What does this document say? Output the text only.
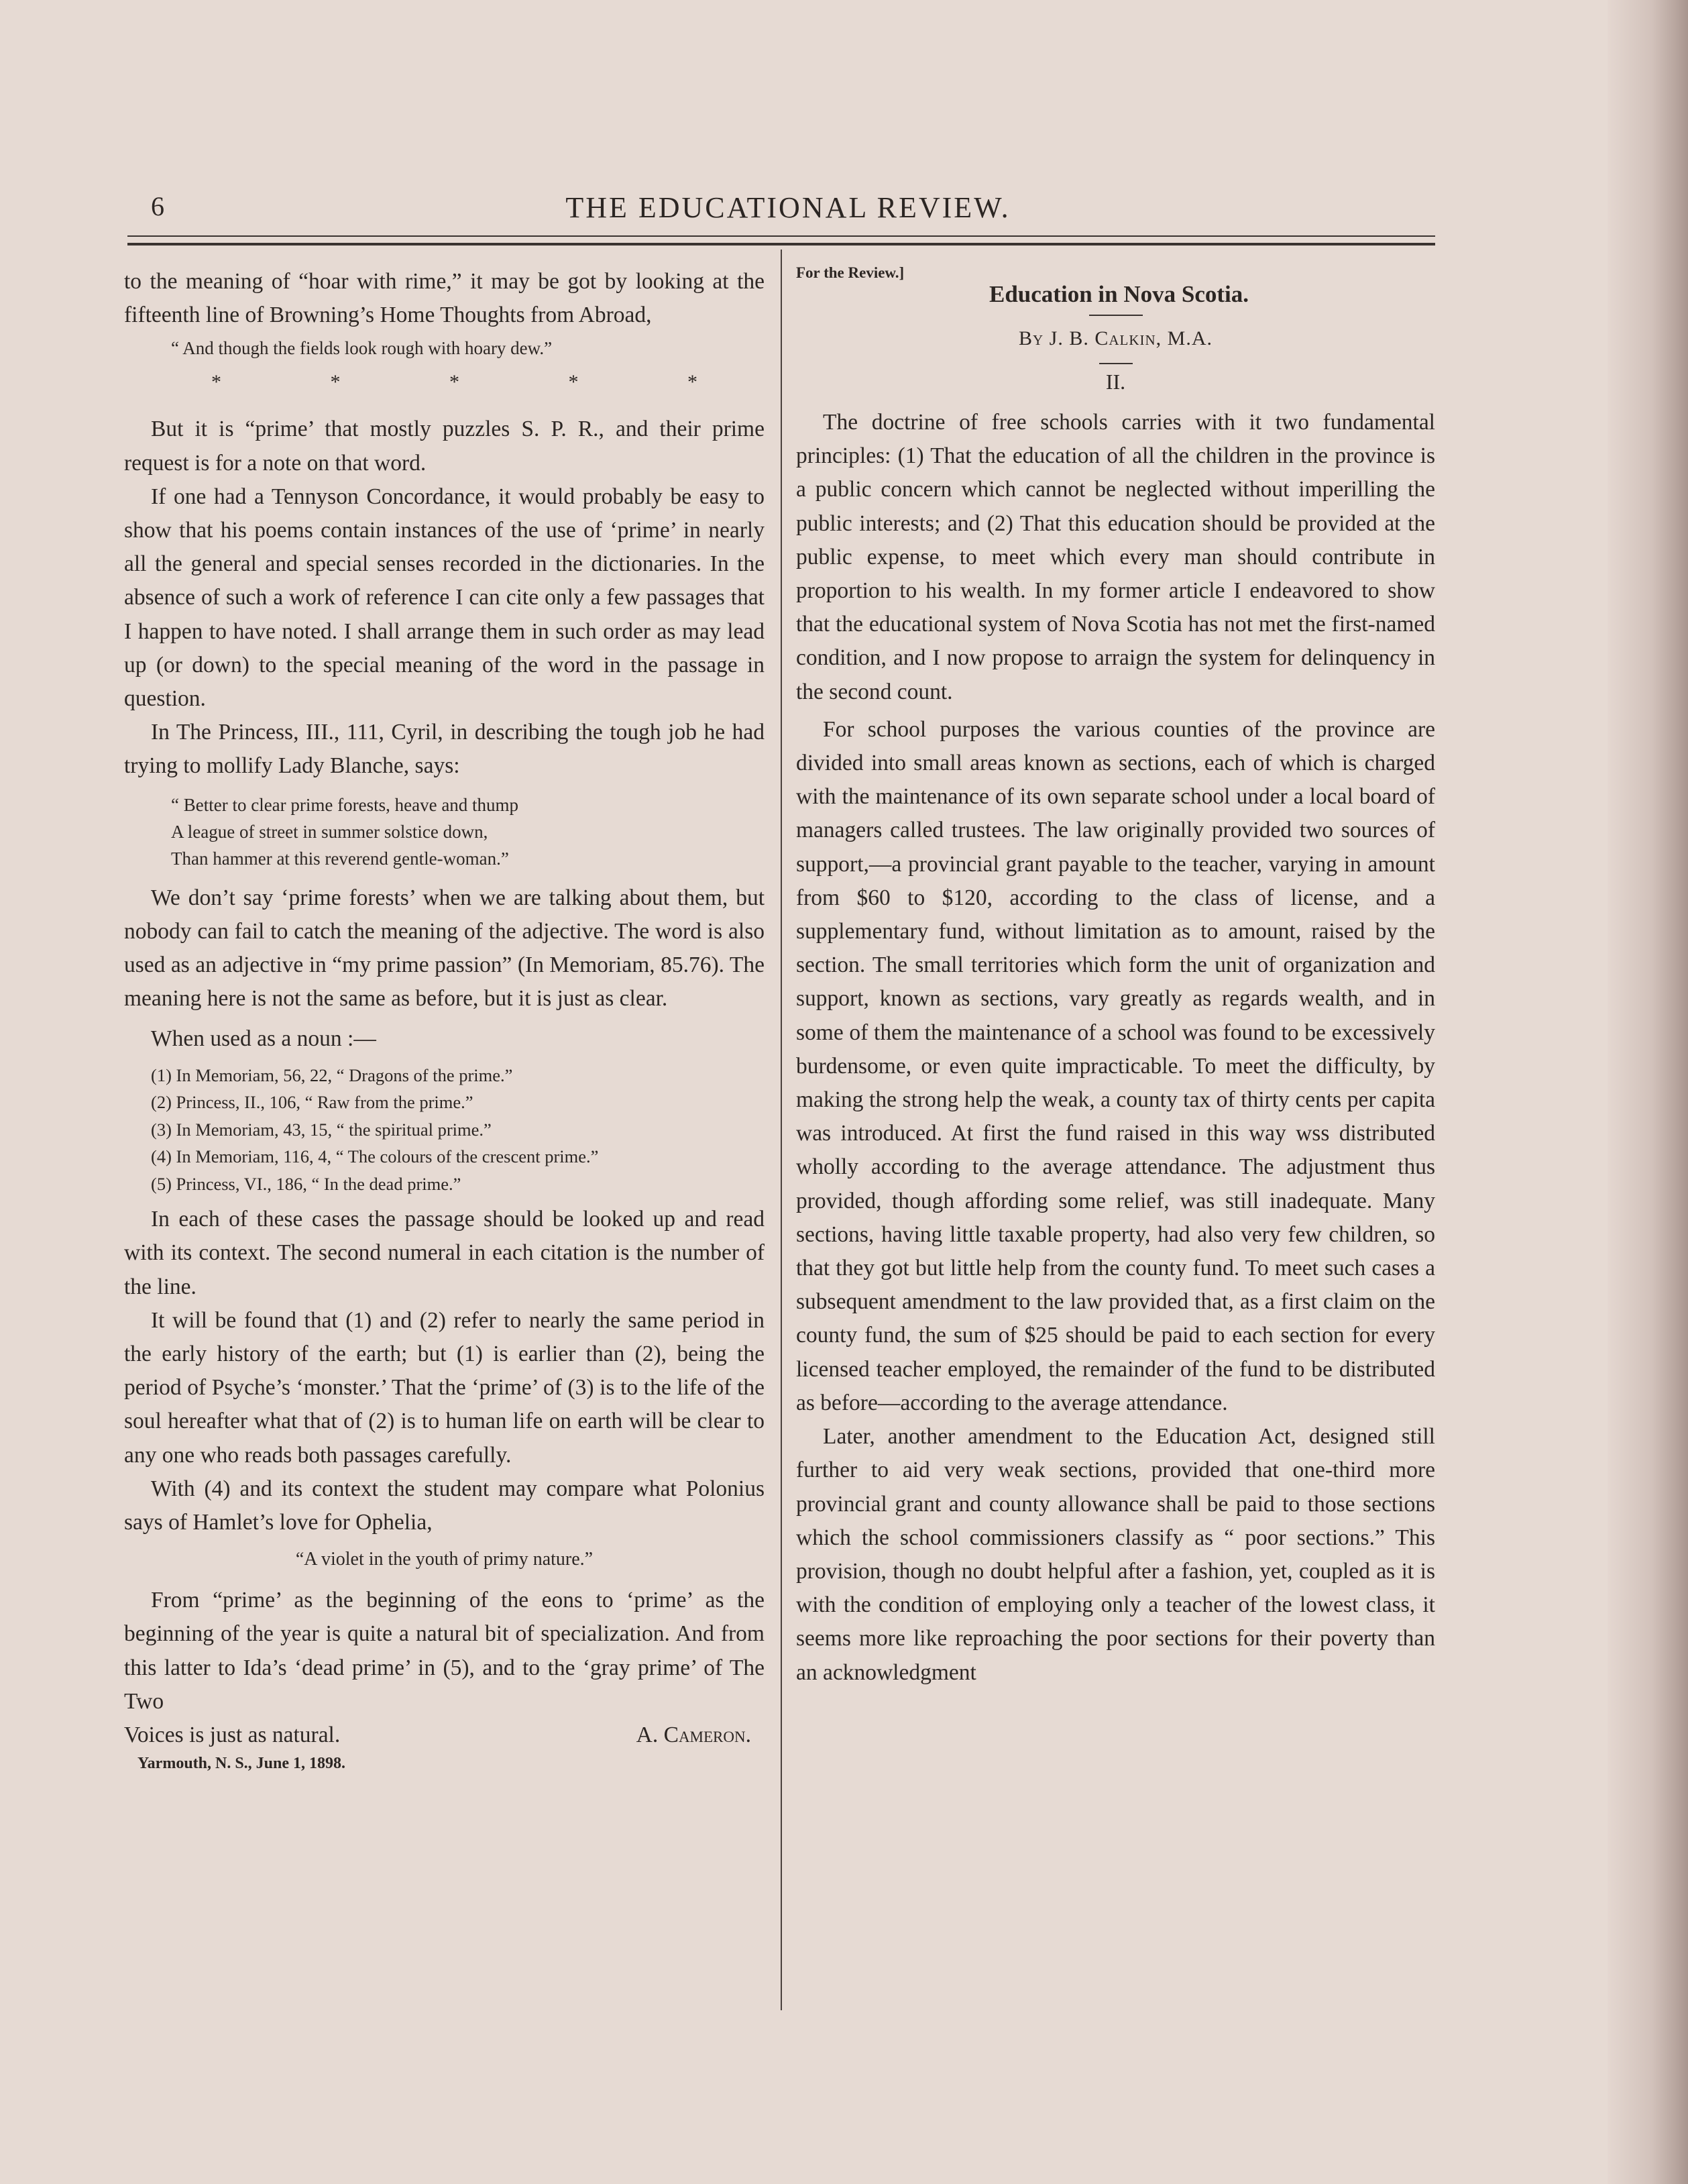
6	THE EDUCATIONAL REVIEW.

to the meaning of “hoar with rime,” it may be got by looking at the fifteenth line of Browning’s Home Thoughts from Abroad,

“ And though the fields look rough with hoary dew.”
*	*	*	*	*

But it is “prime’ that mostly puzzles S. P. R., and their prime request is for a note on that word.

If one had a Tennyson Concordance, it would probably be easy to show that his poems contain instances of the use of ‘prime’ in nearly all the general and special senses recorded in the dictionaries. In the absence of such a work of reference I can cite only a few passages that I happen to have noted. I shall arrange them in such order as may lead up (or down) to the special meaning of the word in the passage in question.

In The Princess, III., 111, Cyril, in describing the tough job he had trying to mollify Lady Blanche, says:

“ Better to clear prime forests, heave and thump
A league of street in summer solstice down,
Than hammer at this reverend gentle-woman.”

We don’t say ‘prime forests’ when we are talking about them, but nobody can fail to catch the meaning of the adjective. The word is also used as an adjective in “my prime passion” (In Memoriam, 85.76). The meaning here is not the same as before, but it is just as clear.

When used as a noun :—

(1) In Memoriam, 56, 22, “ Dragons of the prime.”
(2) Princess, II., 106, “ Raw from the prime.”
(3) In Memoriam, 43, 15, “ the spiritual prime.”
(4) In Memoriam, 116, 4, “ The colours of the crescent prime.”
(5) Princess, VI., 186, “ In the dead prime.”

In each of these cases the passage should be looked up and read with its context. The second numeral in each citation is the number of the line.

It will be found that (1) and (2) refer to nearly the same period in the early history of the earth; but (1) is earlier than (2), being the period of Psyche’s ‘monster.’ That the ‘prime’ of (3) is to the life of the soul hereafter what that of (2) is to human life on earth will be clear to any one who reads both passages carefully.

With (4) and its context the student may compare what Polonius says of Hamlet’s love for Ophelia,

“A violet in the youth of primy nature.”

From “prime’ as the beginning of the eons to ‘prime’ as the beginning of the year is quite a natural bit of specialization. And from this latter to Ida’s ‘dead prime’ in (5), and to the ‘gray prime’ of The Two

Voices is just as natural.	A. Cameron.
Yarmouth, N. S., June 1, 1898.
For the Review.]
Education in Nova Scotia.
By J. B. Calkin, M.A.
II.

The doctrine of free schools carries with it two fundamental principles: (1) That the education of all the children in the province is a public concern which cannot be neglected without imperilling the public interests; and (2) That this education should be provided at the public expense, to meet which every man should contribute in proportion to his wealth. In my former article I endeavored to show that the educational system of Nova Scotia has not met the first-named condition, and I now propose to arraign the system for delinquency in the second count.

For school purposes the various counties of the province are divided into small areas known as sections, each of which is charged with the maintenance of its own separate school under a local board of managers called trustees. The law originally provided two sources of support,—a provincial grant payable to the teacher, varying in amount from $60 to $120, according to the class of license, and a supplementary fund, without limitation as to amount, raised by the section. The small territories which form the unit of organization and support, known as sections, vary greatly as regards wealth, and in some of them the maintenance of a school was found to be excessively burdensome, or even quite impracticable. To meet the difficulty, by making the strong help the weak, a county tax of thirty cents per capita was introduced. At first the fund raised in this way wss distributed wholly according to the average attendance. The adjustment thus provided, though affording some relief, was still inadequate. Many sections, having little taxable property, had also very few children, so that they got but little help from the county fund. To meet such cases a subsequent amendment to the law provided that, as a first claim on the county fund, the sum of $25 should be paid to each section for every licensed teacher employed, the remainder of the fund to be distributed as before—according to the average attendance.

Later, another amendment to the Education Act, designed still further to aid very weak sections, provided that one-third more provincial grant and county allowance shall be paid to those sections which the school commissioners classify as “ poor sections.” This provision, though no doubt helpful after a fashion, yet, coupled as it is with the condition of employing only a teacher of the lowest class, it seems more like reproaching the poor sections for their poverty than an acknowledgment
